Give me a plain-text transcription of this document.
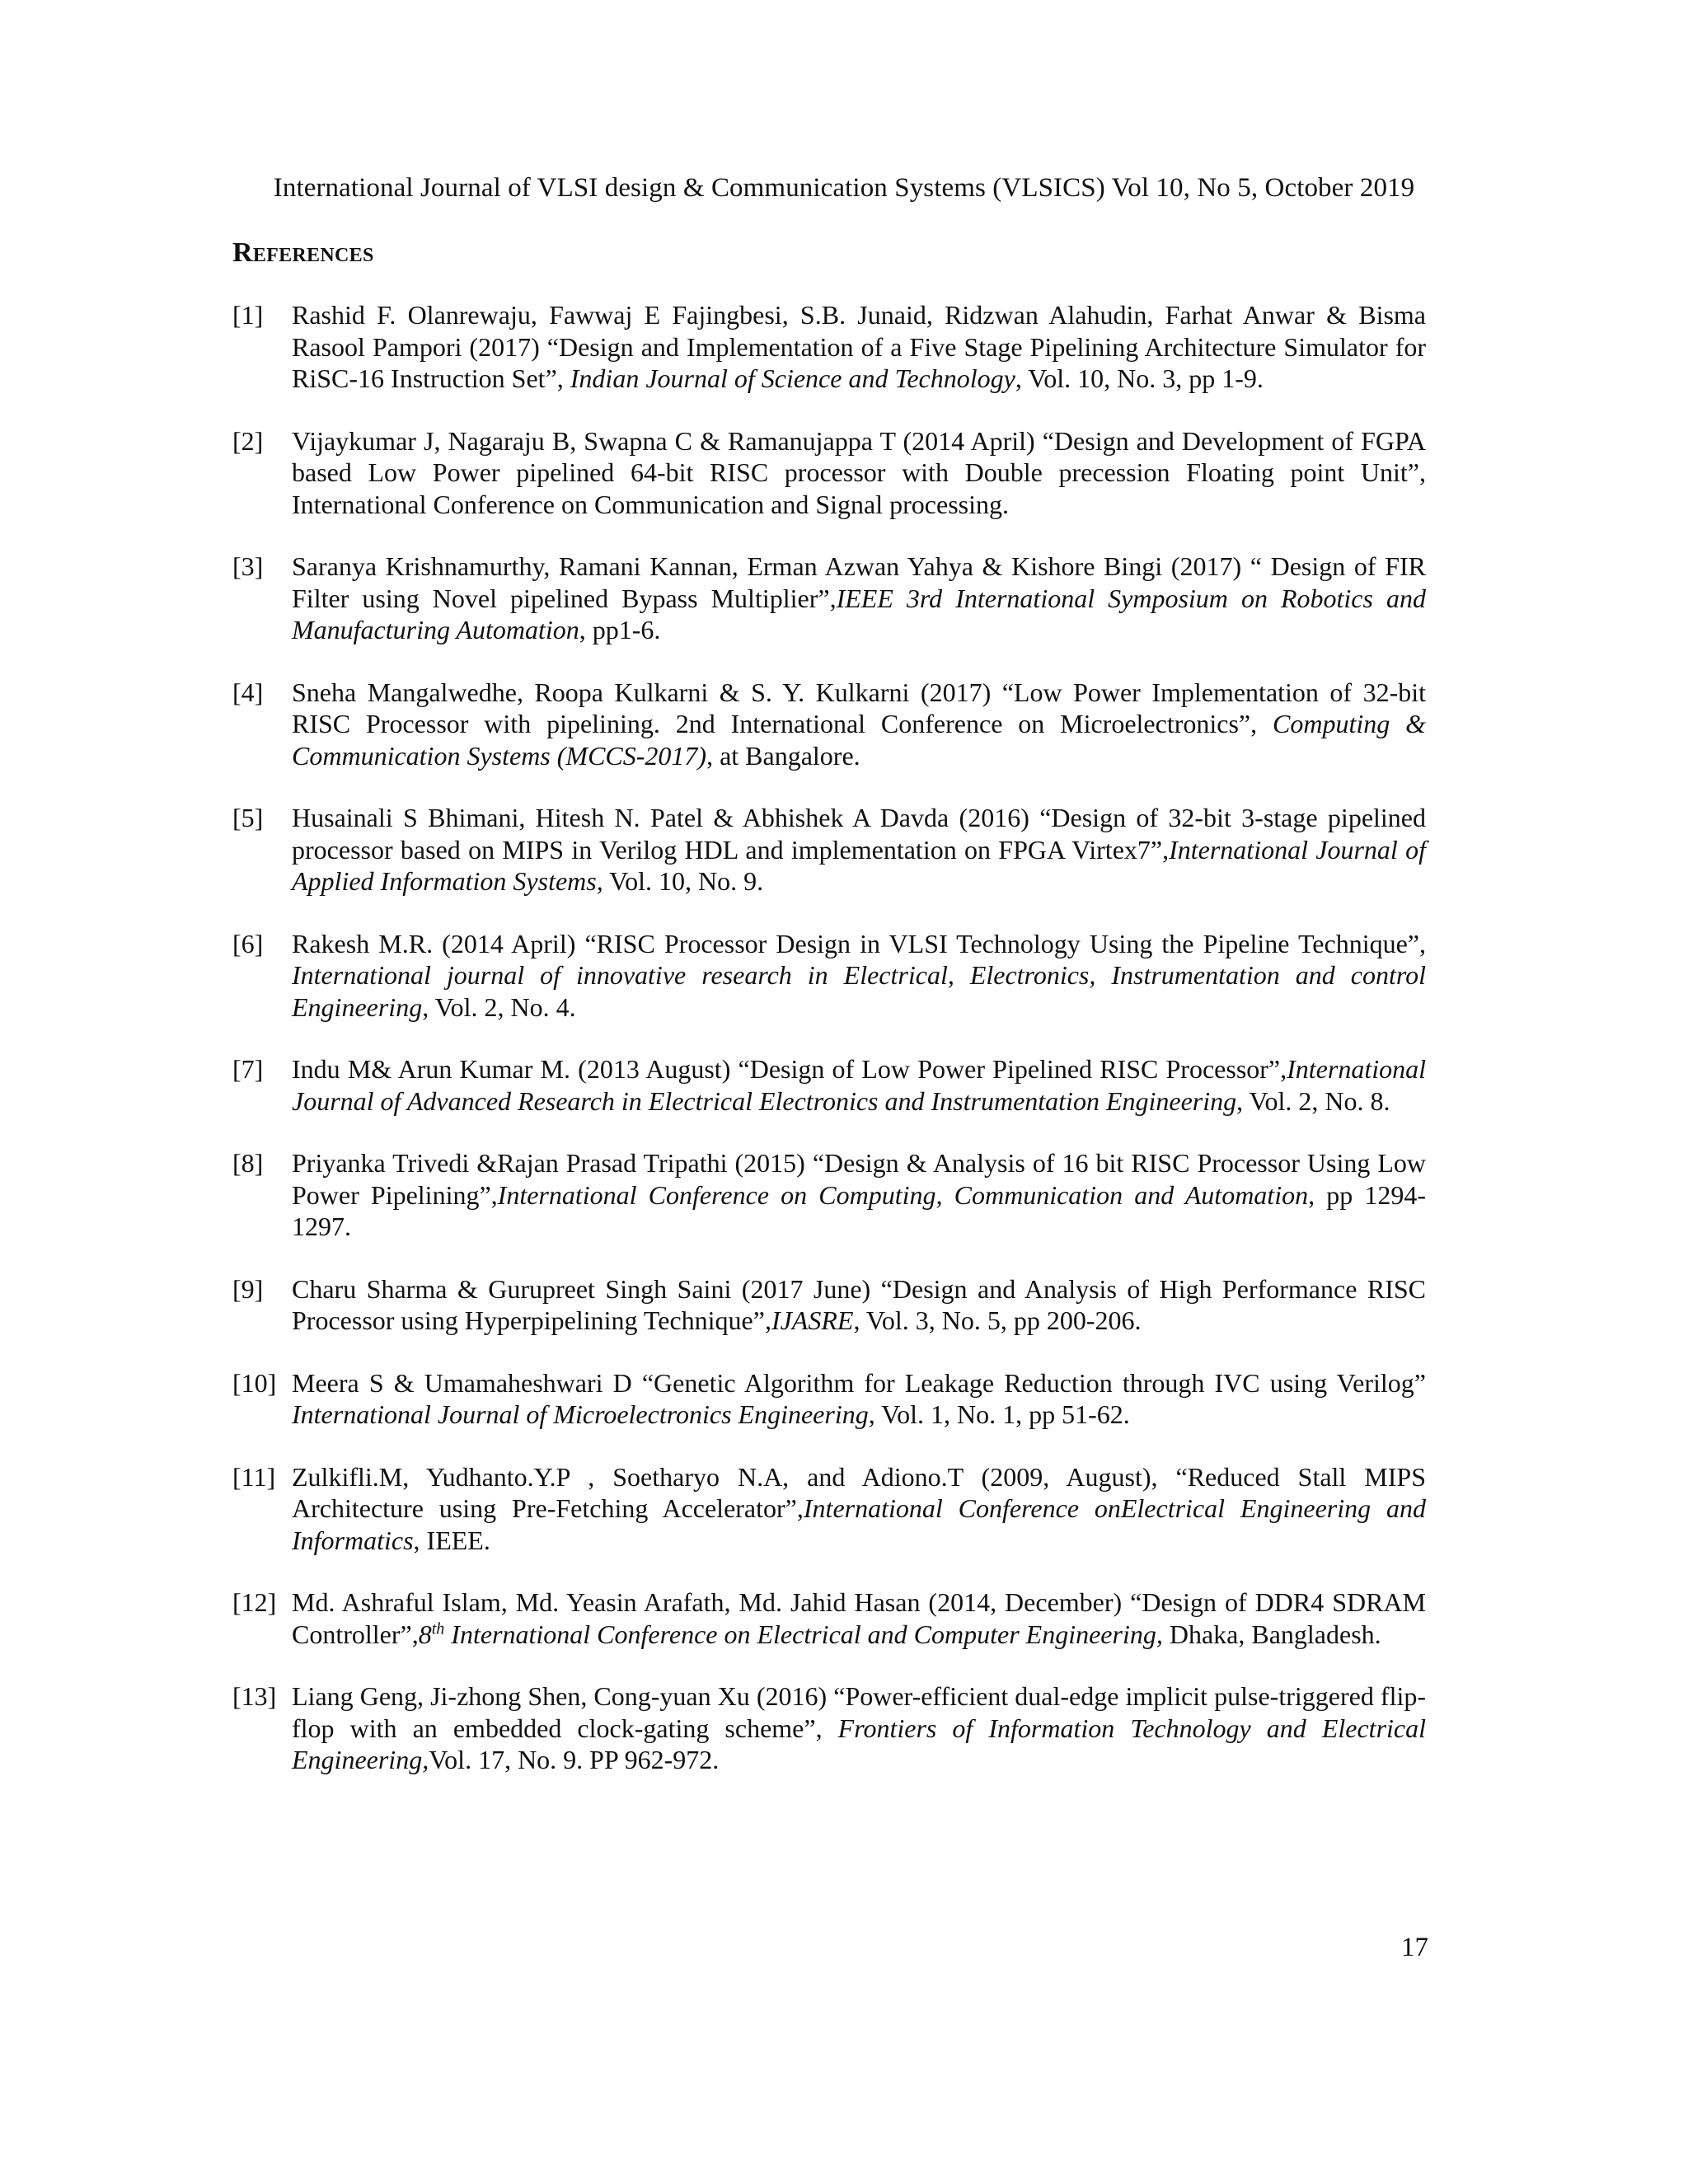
International Journal of VLSI design & Communication Systems (VLSICS) Vol 10, No 5, October 2019
References
[1] Rashid F. Olanrewaju, Fawwaj E Fajingbesi, S.B. Junaid, Ridzwan Alahudin, Farhat Anwar & Bisma Rasool Pampori (2017) “Design and Implementation of a Five Stage Pipelining Architecture Simulator for RiSC-16 Instruction Set”, Indian Journal of Science and Technology, Vol. 10, No. 3, pp 1-9.
[2] Vijaykumar J, Nagaraju B, Swapna C & Ramanujappa T (2014 April) “Design and Development of FGPA based Low Power pipelined 64-bit RISC processor with Double precession Floating point Unit”, International Conference on Communication and Signal processing.
[3] Saranya Krishnamurthy, Ramani Kannan, Erman Azwan Yahya & Kishore Bingi (2017) “ Design of FIR Filter using Novel pipelined Bypass Multiplier”,IEEE 3rd International Symposium on Robotics and Manufacturing Automation, pp1-6.
[4] Sneha Mangalwedhe, Roopa Kulkarni & S. Y. Kulkarni (2017) “Low Power Implementation of 32-bit RISC Processor with pipelining. 2nd International Conference on Microelectronics”, Computing & Communication Systems (MCCS-2017), at Bangalore.
[5] Husainali S Bhimani, Hitesh N. Patel & Abhishek A Davda (2016) “Design of 32-bit 3-stage pipelined processor based on MIPS in Verilog HDL and implementation on FPGA Virtex7”,International Journal of Applied Information Systems, Vol. 10, No. 9.
[6] Rakesh M.R. (2014 April) “RISC Processor Design in VLSI Technology Using the Pipeline Technique”, International journal of innovative research in Electrical, Electronics, Instrumentation and control Engineering, Vol. 2, No. 4.
[7] Indu M& Arun Kumar M. (2013 August) “Design of Low Power Pipelined RISC Processor”,International Journal of Advanced Research in Electrical Electronics and Instrumentation Engineering, Vol. 2, No. 8.
[8] Priyanka Trivedi &Rajan Prasad Tripathi (2015) “Design & Analysis of 16 bit RISC Processor Using Low Power Pipelining”,International Conference on Computing, Communication and Automation, pp 1294-1297.
[9] Charu Sharma & Gurupreet Singh Saini (2017 June) “Design and Analysis of High Performance RISC Processor using Hyperpipelining Technique”,IJASRE, Vol. 3, No. 5, pp 200-206.
[10] Meera S & Umamaheshwari D “Genetic Algorithm for Leakage Reduction through IVC using Verilog” International Journal of Microelectronics Engineering, Vol. 1, No. 1, pp 51-62.
[11] Zulkifli.M, Yudhanto.Y.P , Soetharyo N.A, and Adiono.T (2009, August), “Reduced Stall MIPS Architecture using Pre-Fetching Accelerator”,International Conference onElectrical Engineering and Informatics, IEEE.
[12] Md. Ashraful Islam, Md. Yeasin Arafath, Md. Jahid Hasan (2014, December) “Design of DDR4 SDRAM Controller”,8th International Conference on Electrical and Computer Engineering, Dhaka, Bangladesh.
[13] Liang Geng, Ji-zhong Shen, Cong-yuan Xu (2016) “Power-efficient dual-edge implicit pulse-triggered flip-flop with an embedded clock-gating scheme”, Frontiers of Information Technology and Electrical Engineering,Vol. 17, No. 9. PP 962-972.
17
